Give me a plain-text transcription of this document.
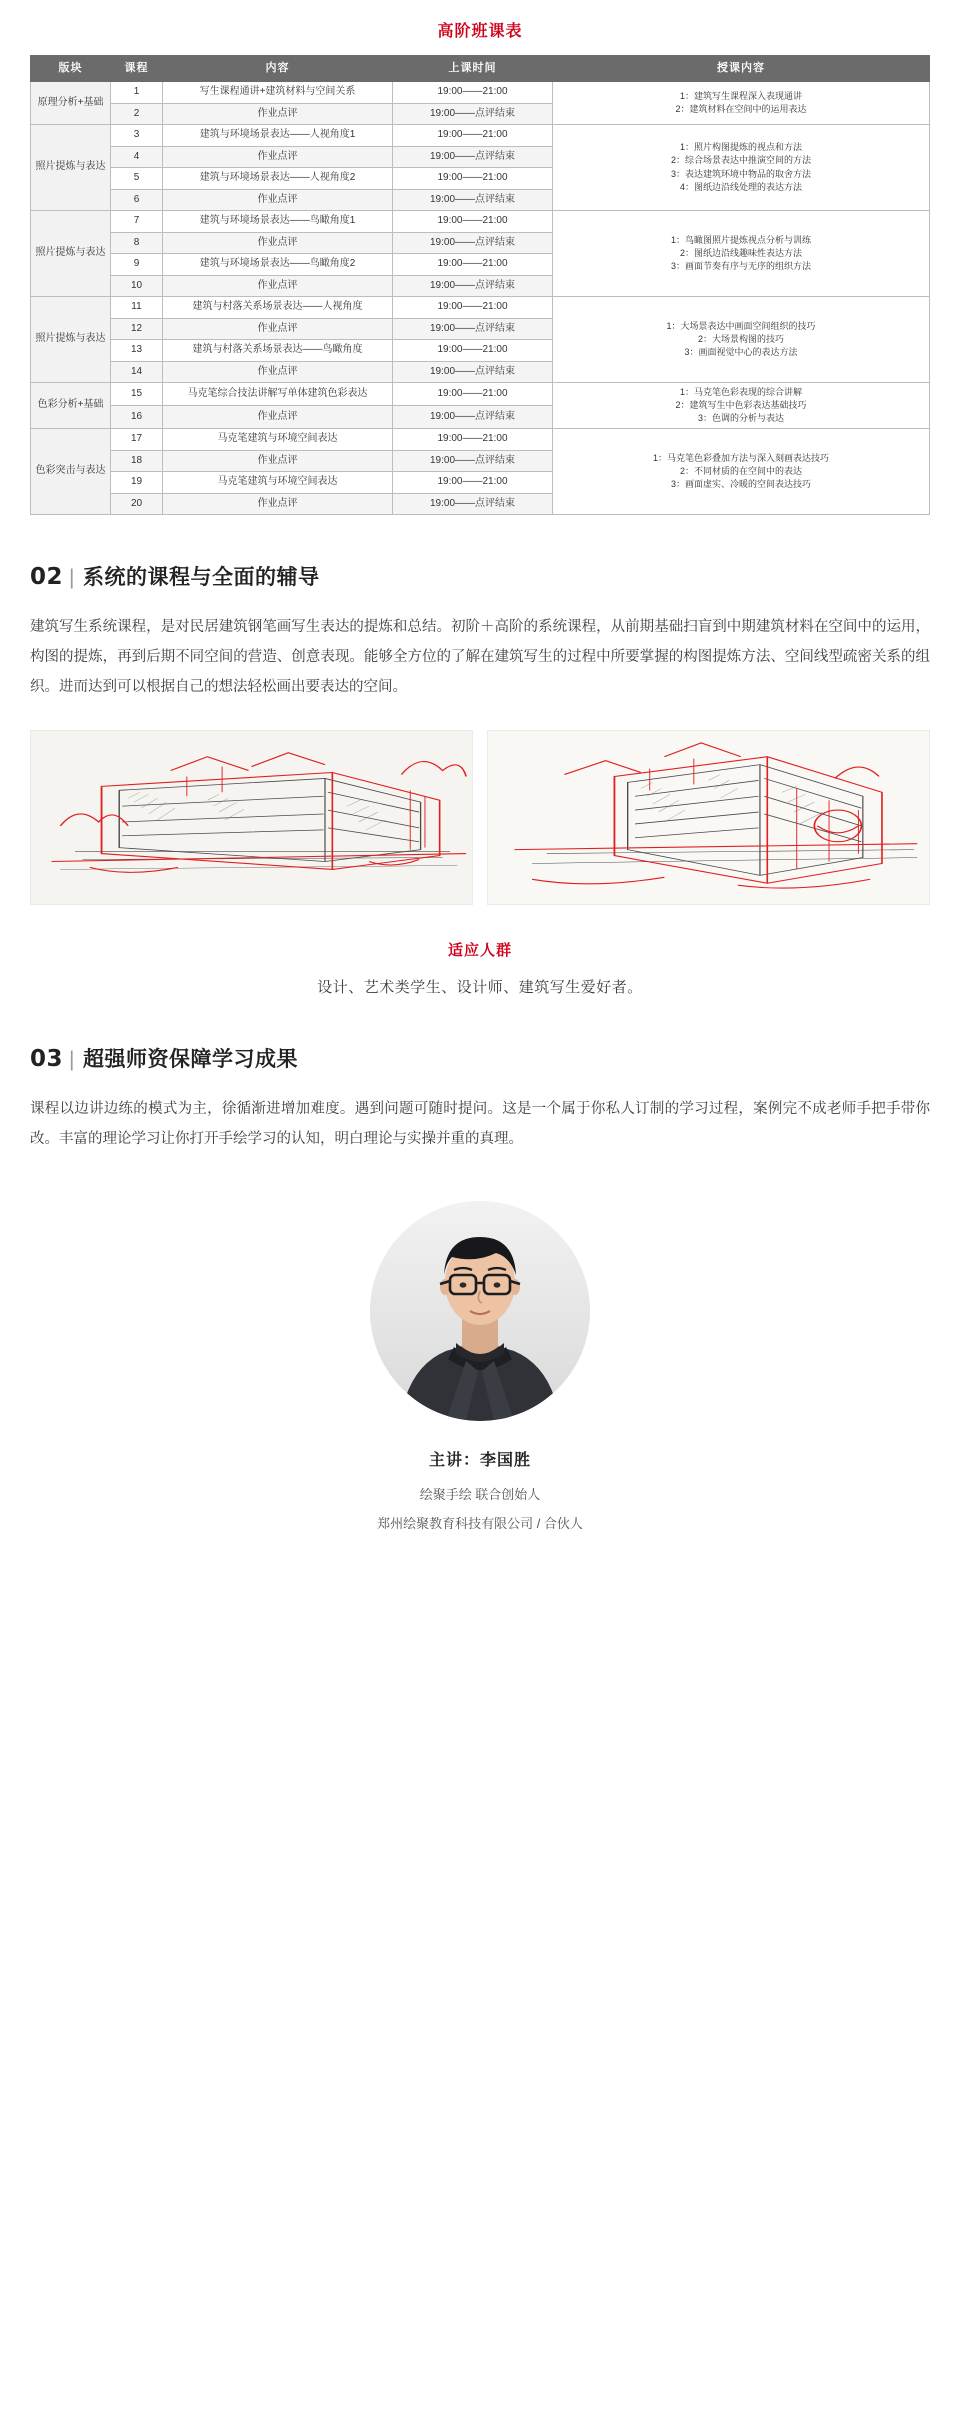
高阶班课表
版块	课程	内容	上课时间	授课内容
原理分析+基础	1	写生课程通讲+建筑材料与空间关系	19:00——21:00	1：建筑写生课程深入表现通讲
2：建筑材料在空间中的运用表达
	2	作业点评	19:00——点评结束	
照片提炼与表达	3	建筑与环境场景表达——人视角度1	19:00——21:00	1：照片构图提炼的视点和方法
2：综合场景表达中推演空间的方法
3：表达建筑环境中物品的取舍方法
4：图纸边沿线处理的表达方法
	4	作业点评	19:00——点评结束	
	5	建筑与环境场景表达——人视角度2	19:00——21:00	
	6	作业点评	19:00——点评结束	
照片提炼与表达	7	建筑与环境场景表达——鸟瞰角度1	19:00——21:00	1：鸟瞰图照片提炼视点分析与训练
2：图纸边沿线趣味性表达方法
3：画面节奏有序与无序的组织方法
	8	作业点评	19:00——点评结束	
	9	建筑与环境场景表达——鸟瞰角度2	19:00——21:00	
	10	作业点评	19:00——点评结束	
照片提炼与表达	11	建筑与村落关系场景表达——人视角度	19:00——21:00	1：大场景表达中画面空间组织的技巧
2：大场景构图的技巧
3：画面视觉中心的表达方法
	12	作业点评	19:00——点评结束	
	13	建筑与村落关系场景表达——鸟瞰角度	19:00——21:00	
	14	作业点评	19:00——点评结束	
色彩分析+基础	15	马克笔综合技法讲解写单体建筑色彩表达	19:00——21:00	1：马克笔色彩表现的综合讲解
2：建筑写生中色彩表达基础技巧
3：色调的分析与表达
	16	作业点评	19:00——点评结束	
色彩突击与表达	17	马克笔建筑与环境空间表达	19:00——21:00	1：马克笔色彩叠加方法与深入刻画表达技巧
2：不同材质的在空间中的表达
3：画面虚实、冷暖的空间表达技巧
	18	作业点评	19:00——点评结束	
	19	马克笔建筑与环境空间表达	19:00——21:00	
	20	作业点评	19:00——点评结束	
02 | 系统的课程与全面的辅导

建筑写生系统课程，是对民居建筑钢笔画写生表达的提炼和总结。初阶＋高阶的系统课程，从前期基础扫盲到中期建筑材料在空间中的运用，构图的提炼，再到后期不同空间的营造、创意表现。能够全方位的了解在建筑写生的过程中所要掌握的构图提炼方法、空间线型疏密关系的组织。进而达到可以根据自己的想法轻松画出要表达的空间。

适应人群
设计、艺术类学生、设计师、建筑写生爱好者。
03 | 超强师资保障学习成果

课程以边讲边练的模式为主，徐循渐进增加难度。遇到问题可随时提问。这是一个属于你私人订制的学习过程，案例完不成老师手把手带你改。丰富的理论学习让你打开手绘学习的认知，明白理论与实操并重的真理。

主讲：李国胜
绘聚手绘 联合创始人
郑州绘聚教育科技有限公司 / 合伙人
